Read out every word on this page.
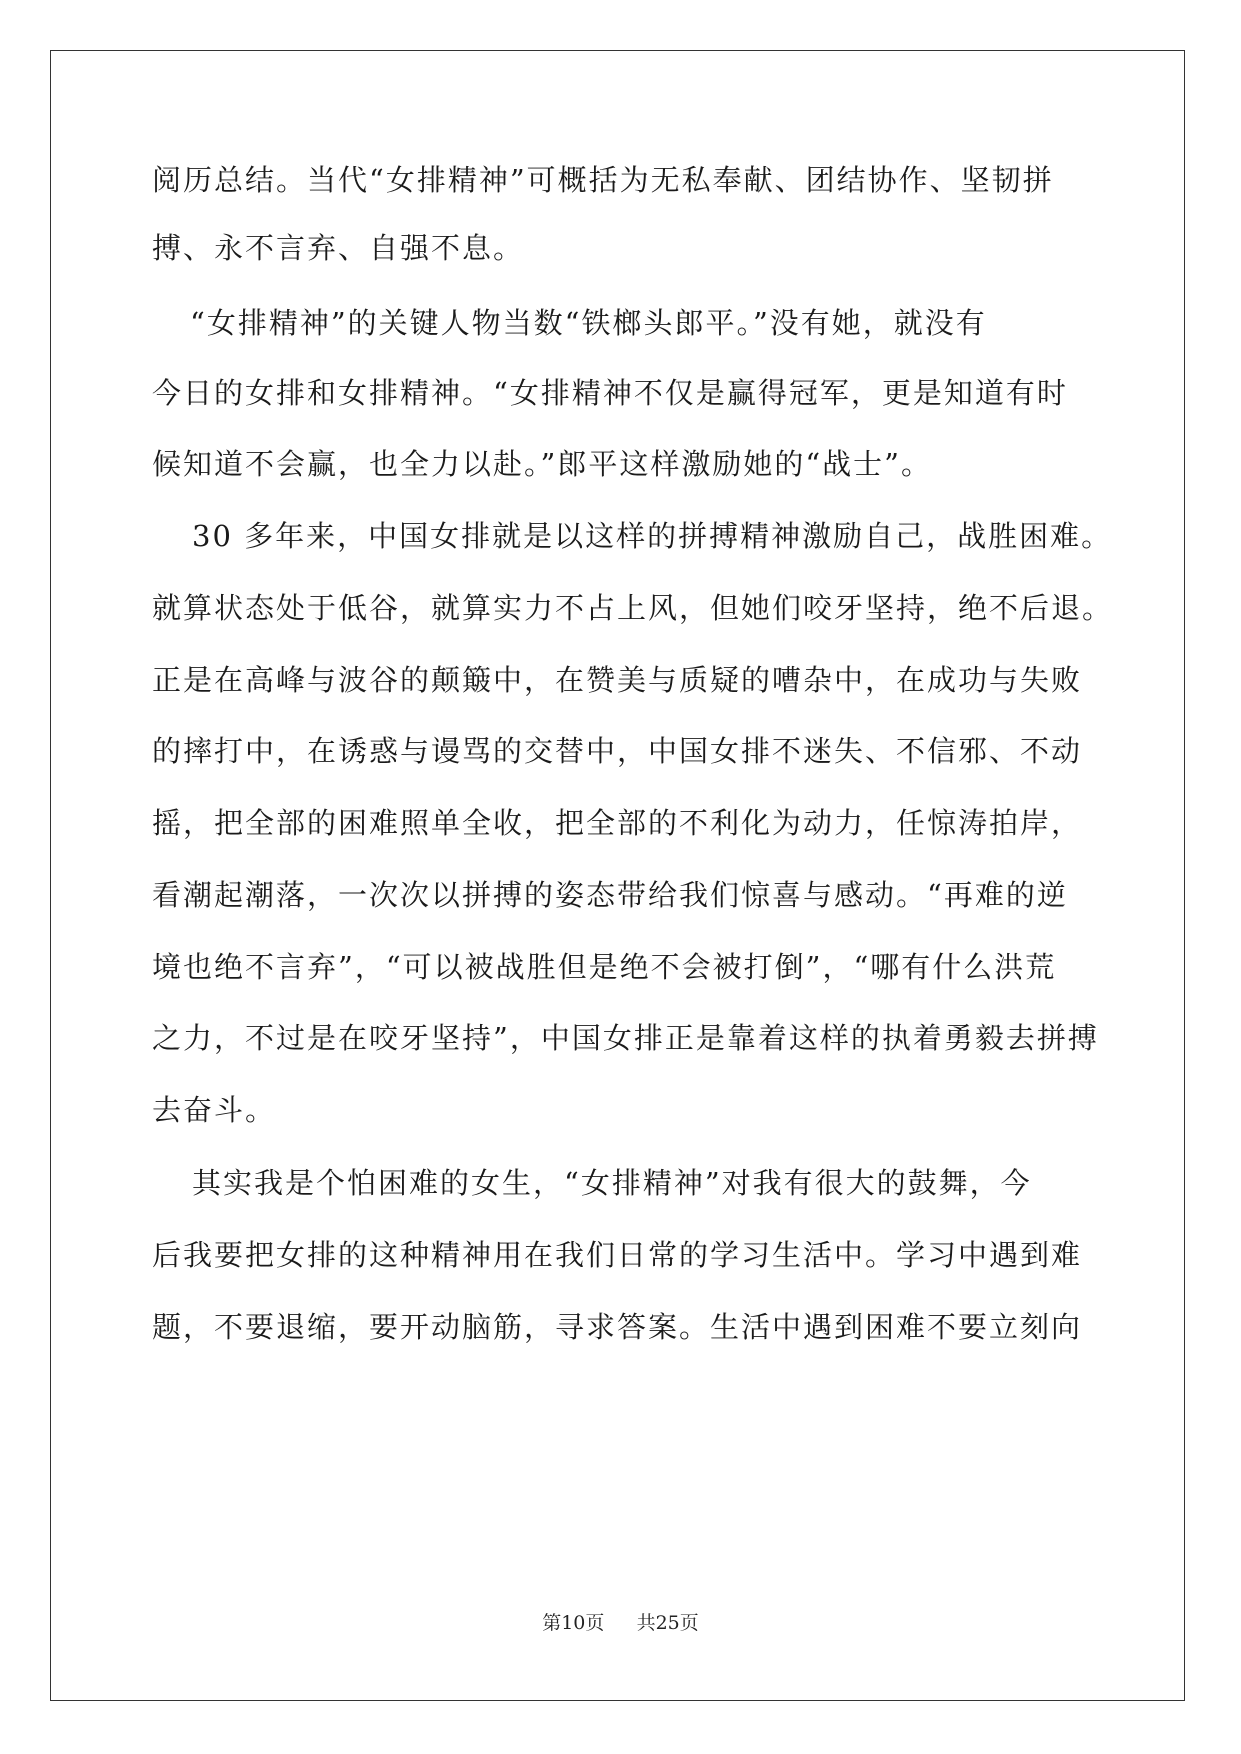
阅历总结。当代“女排精神”可概括为无私奉献、团结协作、坚韧拼
搏、永不言弃、自强不息。
“女排精神”的关键人物当数“铁榔头郎平。”没有她，就没有
今日的女排和女排精神。“女排精神不仅是赢得冠军，更是知道有时
候知道不会赢，也全力以赴。”郎平这样激励她的“战士”。
30 多年来，中国女排就是以这样的拼搏精神激励自己，战胜困难。
就算状态处于低谷，就算实力不占上风，但她们咬牙坚持，绝不后退。
正是在高峰与波谷的颠簸中，在赞美与质疑的嘈杂中，在成功与失败
的摔打中，在诱惑与谩骂的交替中，中国女排不迷失、不信邪、不动
摇，把全部的困难照单全收，把全部的不利化为动力，任惊涛拍岸，
看潮起潮落，一次次以拼搏的姿态带给我们惊喜与感动。“再难的逆
境也绝不言弃”，“可以被战胜但是绝不会被打倒”，“哪有什么洪荒
之力，不过是在咬牙坚持”，中国女排正是靠着这样的执着勇毅去拼搏
去奋斗。
其实我是个怕困难的女生，“女排精神”对我有很大的鼓舞，今
后我要把女排的这种精神用在我们日常的学习生活中。学习中遇到难
题，不要退缩，要开动脑筋，寻求答案。生活中遇到困难不要立刻向
第10页 共25页
